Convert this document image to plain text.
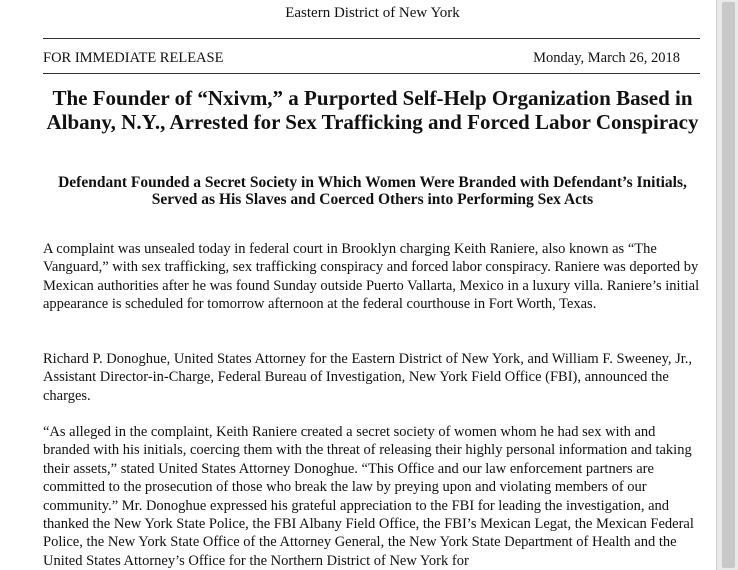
Eastern District of New York
FOR IMMEDIATE RELEASE	Monday, March 26, 2018
The Founder of “Nxivm,” a Purported Self-Help Organization Based in Albany, N.Y., Arrested for Sex Trafficking and Forced Labor Conspiracy
Defendant Founded a Secret Society in Which Women Were Branded with Defendant’s Initials, Served as His Slaves and Coerced Others into Performing Sex Acts

A complaint was unsealed today in federal court in Brooklyn charging Keith Raniere, also known as “The Vanguard,” with sex trafficking, sex trafficking conspiracy and forced labor conspiracy. Raniere was deported by Mexican authorities after he was found Sunday outside Puerto Vallarta, Mexico in a luxury villa. Raniere’s initial appearance is scheduled for tomorrow afternoon at the federal courthouse in Fort Worth, Texas.

Richard P. Donoghue, United States Attorney for the Eastern District of New York, and William F. Sweeney, Jr., Assistant Director-in-Charge, Federal Bureau of Investigation, New York Field Office (FBI), announced the charges.

“As alleged in the complaint, Keith Raniere created a secret society of women whom he had sex with and branded with his initials, coercing them with the threat of releasing their highly personal information and taking their assets,” stated United States Attorney Donoghue. “This Office and our law enforcement partners are committed to the prosecution of those who break the law by preying upon and violating members of our community.” Mr. Donoghue expressed his grateful appreciation to the FBI for leading the investigation, and thanked the New York State Police, the FBI Albany Field Office, the FBI’s Mexican Legat, the Mexican Federal Police, the New York State Office of the Attorney General, the New York State Department of Health and the United States Attorney’s Office for the Northern District of New York for
